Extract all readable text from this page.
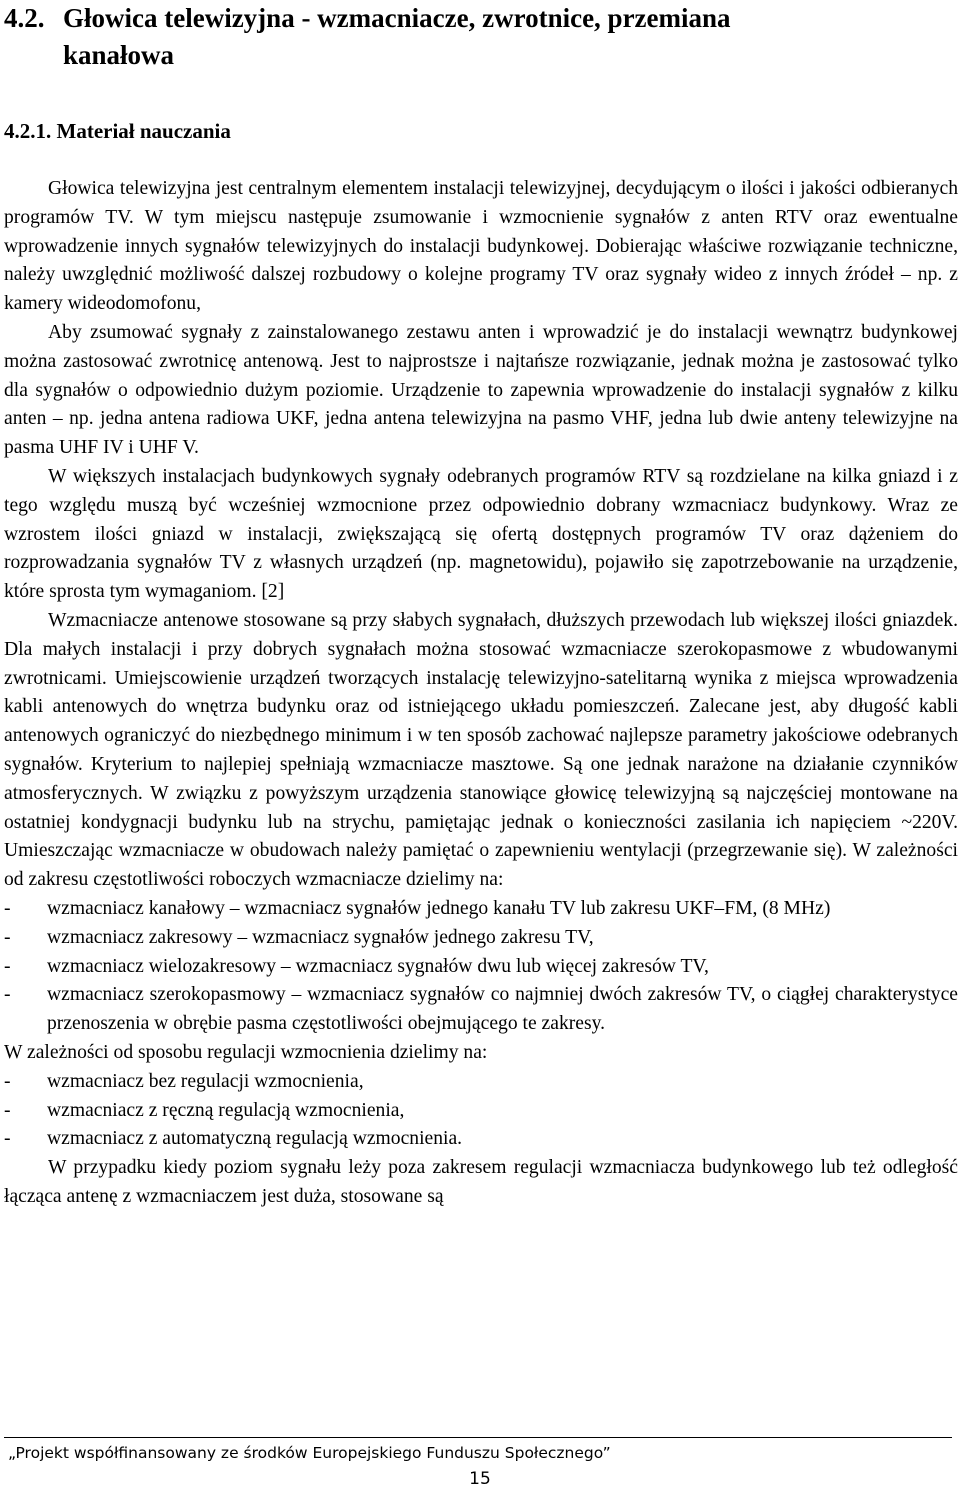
4.2. Głowica telewizyjna - wzmacniacze, zwrotnice, przemiana
kanałowa
4.2.1. Materiał nauczania

Głowica telewizyjna jest centralnym elementem instalacji telewizyjnej, decydującym o ilości i jakości odbieranych programów TV. W tym miejscu następuje zsumowanie i wzmocnienie sygnałów z anten RTV oraz ewentualne wprowadzenie innych sygnałów telewizyjnych do instalacji budynkowej. Dobierając właściwe rozwiązanie techniczne, należy uwzględnić możliwość dalszej rozbudowy o kolejne programy TV oraz sygnały wideo z innych źródeł – np. z kamery wideodomofonu,

Aby zsumować sygnały z zainstalowanego zestawu anten i wprowadzić je do instalacji wewnątrz budynkowej można zastosować zwrotnicę antenową. Jest to najprostsze i najtańsze rozwiązanie, jednak można je zastosować tylko dla sygnałów o odpowiednio dużym poziomie. Urządzenie to zapewnia wprowadzenie do instalacji sygnałów z kilku anten – np. jedna antena radiowa UKF, jedna antena telewizyjna na pasmo VHF, jedna lub dwie anteny telewizyjne na pasma UHF IV i UHF V.

W większych instalacjach budynkowych sygnały odebranych programów RTV są rozdzielane na kilka gniazd i z tego względu muszą być wcześniej wzmocnione przez odpowiednio dobrany wzmacniacz budynkowy. Wraz ze wzrostem ilości gniazd w instalacji, zwiększającą się ofertą dostępnych programów TV oraz dążeniem do rozprowadzania sygnałów TV z własnych urządzeń (np. magnetowidu), pojawiło się zapotrzebowanie na urządzenie, które sprosta tym wymaganiom. [2]

Wzmacniacze antenowe stosowane są przy słabych sygnałach, dłuższych przewodach lub większej ilości gniazdek. Dla małych instalacji i przy dobrych sygnałach można stosować wzmacniacze szerokopasmowe z wbudowanymi zwrotnicami. Umiejscowienie urządzeń tworzących instalację telewizyjno-satelitarną wynika z miejsca wprowadzenia kabli antenowych do wnętrza budynku oraz od istniejącego układu pomieszczeń. Zalecane jest, aby długość kabli antenowych ograniczyć do niezbędnego minimum i w ten sposób zachować najlepsze parametry jakościowe odebranych sygnałów. Kryterium to najlepiej spełniają wzmacniacze masztowe. Są one jednak narażone na działanie czynników atmosferycznych. W związku z powyższym urządzenia stanowiące głowicę telewizyjną są najczęściej montowane na ostatniej kondygnacji budynku lub na strychu, pamiętając jednak o konieczności zasilania ich napięciem ~220V. Umieszczając wzmacniacze w obudowach należy pamiętać o zapewnieniu wentylacji (przegrzewanie się). W zależności od zakresu częstotliwości roboczych wzmacniacze dzielimy na:

- wzmacniacz kanałowy – wzmacniacz sygnałów jednego kanału TV lub zakresu UKF–FM, (8 MHz)
- wzmacniacz zakresowy – wzmacniacz sygnałów jednego zakresu TV,
- wzmacniacz wielozakresowy – wzmacniacz sygnałów dwu lub więcej zakresów TV,
- wzmacniacz szerokopasmowy – wzmacniacz sygnałów co najmniej dwóch zakresów TV, o ciągłej charakterystyce przenoszenia w obrębie pasma częstotliwości obejmującego te zakresy.

W zależności od sposobu regulacji wzmocnienia dzielimy na:

- wzmacniacz bez regulacji wzmocnienia,
- wzmacniacz z ręczną regulacją wzmocnienia,
- wzmacniacz z automatyczną regulacją wzmocnienia.

W przypadku kiedy poziom sygnału leży poza zakresem regulacji wzmacniacza budynkowego lub też odległość łącząca antenę z wzmacniaczem jest duża, stosowane są

„Projekt współfinansowany ze środków Europejskiego Funduszu Społecznego”
15
